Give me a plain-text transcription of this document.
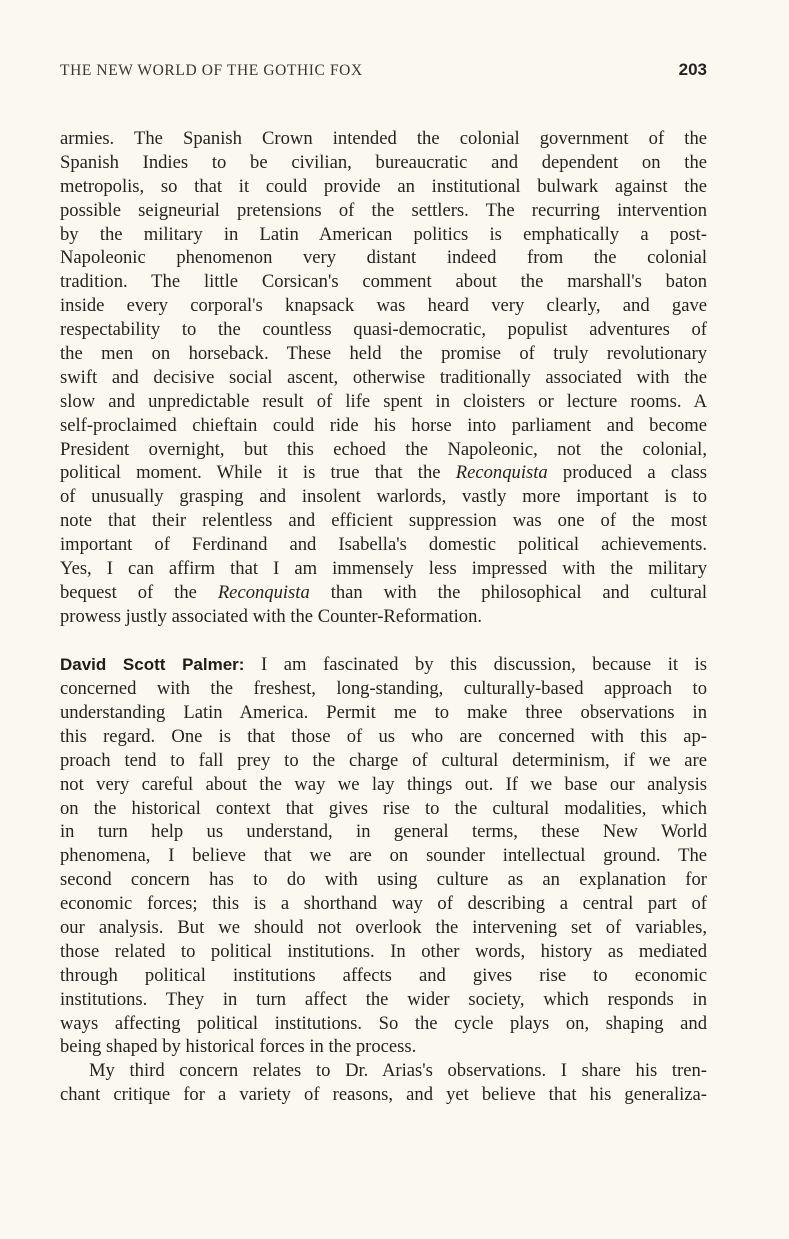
THE NEW WORLD OF THE GOTHIC FOX	203
armies. The Spanish Crown intended the colonial government of the
Spanish Indies to be civilian, bureaucratic and dependent on the
metropolis, so that it could provide an institutional bulwark against the
possible seigneurial pretensions of the settlers. The recurring intervention
by the military in Latin American politics is emphatically a post-
Napoleonic phenomenon very distant indeed from the colonial
tradition. The little Corsican's comment about the marshall's baton
inside every corporal's knapsack was heard very clearly, and gave
respectability to the countless quasi-democratic, populist adventures of
the men on horseback. These held the promise of truly revolutionary
swift and decisive social ascent, otherwise traditionally associated with the
slow and unpredictable result of life spent in cloisters or lecture rooms. A
self-proclaimed chieftain could ride his horse into parliament and become
President overnight, but this echoed the Napoleonic, not the colonial,
political moment. While it is true that the Reconquista produced a class
of unusually grasping and insolent warlords, vastly more important is to
note that their relentless and efficient suppression was one of the most
important of Ferdinand and Isabella's domestic political achievements.
Yes, I can affirm that I am immensely less impressed with the military
bequest of the Reconquista than with the philosophical and cultural
prowess justly associated with the Counter-Reformation.
David Scott Palmer: I am fascinated by this discussion, because it is
concerned with the freshest, long-standing, culturally-based approach to
understanding Latin America. Permit me to make three observations in
this regard. One is that those of us who are concerned with this ap-
proach tend to fall prey to the charge of cultural determinism, if we are
not very careful about the way we lay things out. If we base our analysis
on the historical context that gives rise to the cultural modalities, which
in turn help us understand, in general terms, these New World
phenomena, I believe that we are on sounder intellectual ground. The
second concern has to do with using culture as an explanation for
economic forces; this is a shorthand way of describing a central part of
our analysis. But we should not overlook the intervening set of variables,
those related to political institutions. In other words, history as mediated
through political institutions affects and gives rise to economic
institutions. They in turn affect the wider society, which responds in
ways affecting political institutions. So the cycle plays on, shaping and
being shaped by historical forces in the process.
My third concern relates to Dr. Arias's observations. I share his tren-
chant critique for a variety of reasons, and yet believe that his generaliza-
